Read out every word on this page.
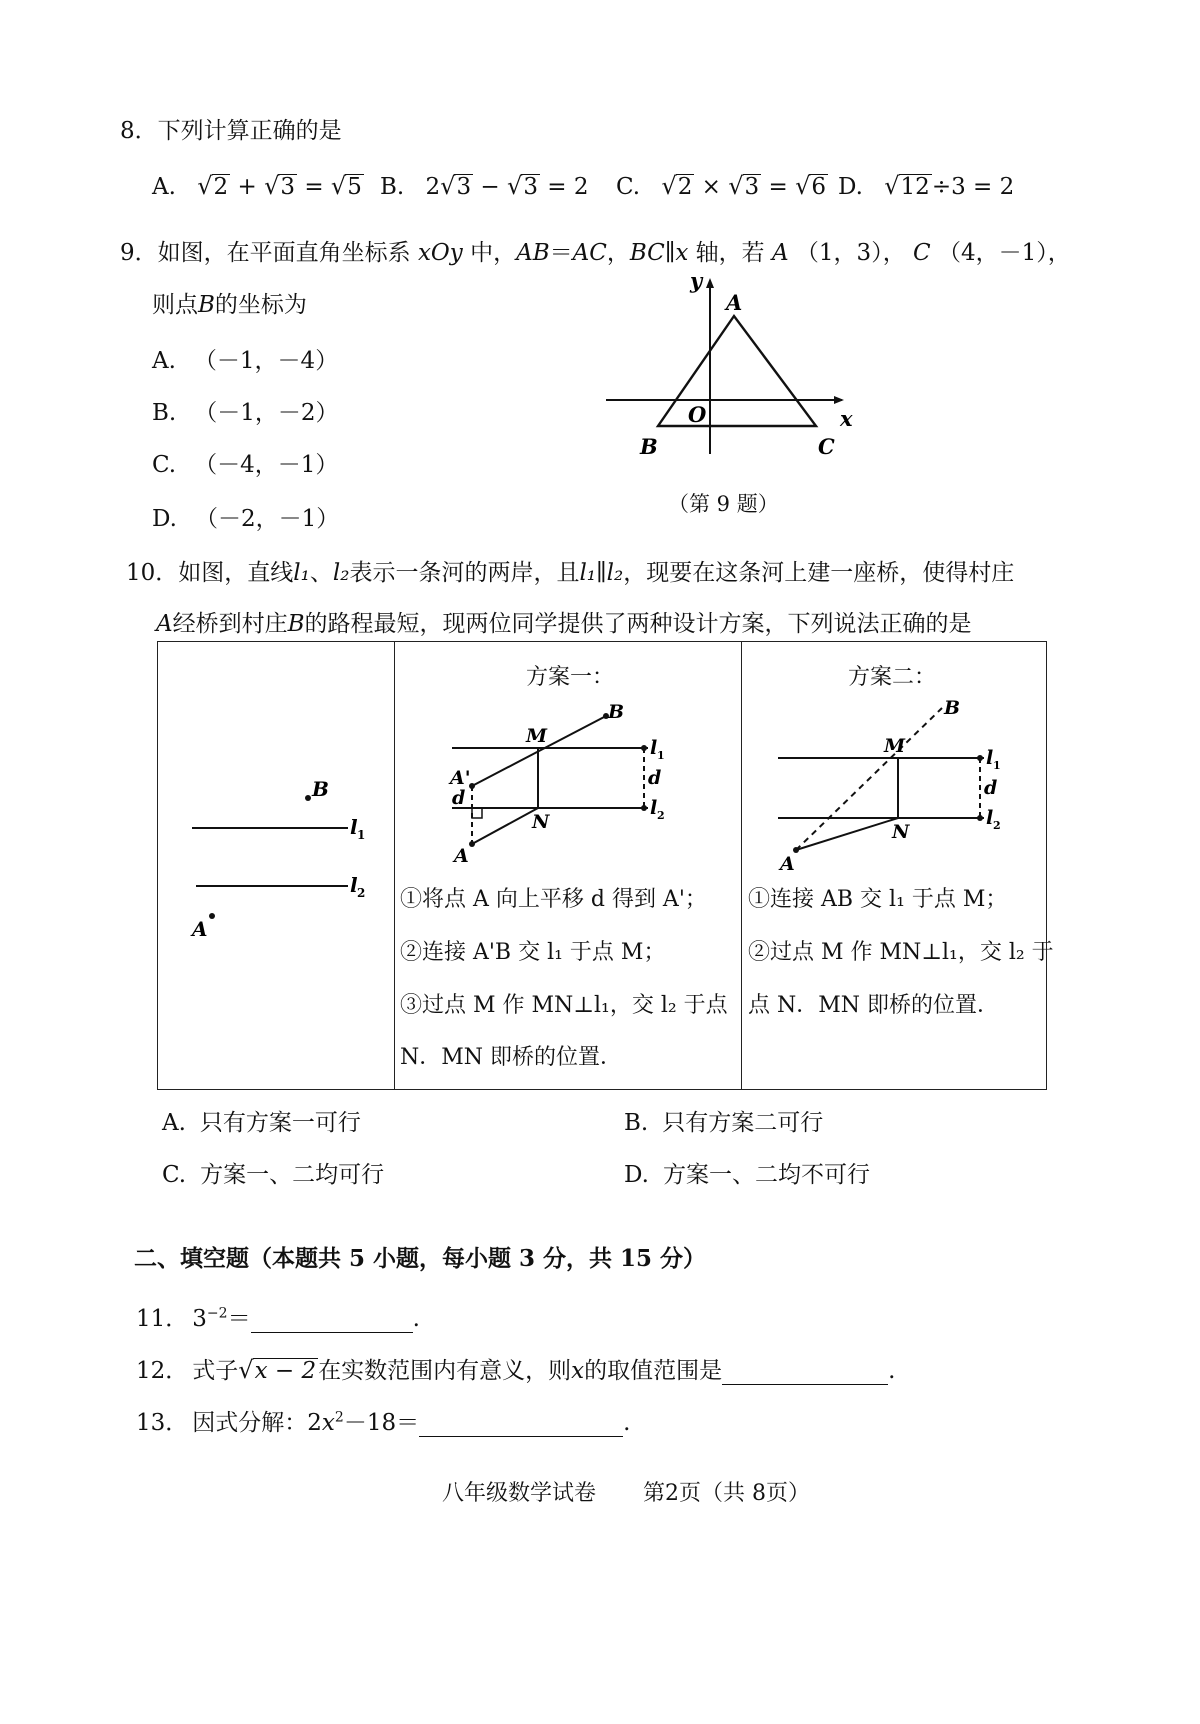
8．下列计算正确的是
A. √2 + √3 = √5 B. 2√3 − √3 = 2 C. √2 × √3 = √6 D. √12÷3 = 2
9．如图，在平面直角坐标系 xOy 中，AB＝AC，BC∥x 轴，若 A （1，3）， C （4，－1），
则点B的坐标为
A. （－1，－4）
B. （－1，－2）
C. （－4，－1）
D. （－2，－1）
y
x
O
A
B	C
（第 9 题）
10．如图，直线l₁、l₂表示一条河的两岸，且l₁∥l₂，现要在这条河上建一座桥，使得村庄
A经桥到村庄B的路程最短，现两位同学提供了两种设计方案，下列说法正确的是
B
A
l 1
l 2
方案一：
B
M
A'
d
d
N
A
l 1
l 2
①将点 A 向上平移 d 得到 A'；
②连接 A'B 交 l₁ 于点 M；
③过点 M 作 MN⊥l₁，交 l₂ 于点
N．MN 即桥的位置．
方案二：
B
M
d
N
A
l 1
l 2
①连接 AB 交 l₁ 于点 M；
②过点 M 作 MN⊥l₁，交 l₂ 于
点 N．MN 即桥的位置．
A. 只有方案一可行	B. 只有方案二可行
C. 方案一、二均可行	D. 方案一、二均不可行
二、填空题（本题共 5 小题，每小题 3 分，共 15 分）
11． $3^{-2}=$	.
12． 式子√x − 2在实数范围内有意义，则x的取值范围是	.
13． 因式分解：$2x^2-18=$	.
八年级数学试卷 第2页（共 8页）
